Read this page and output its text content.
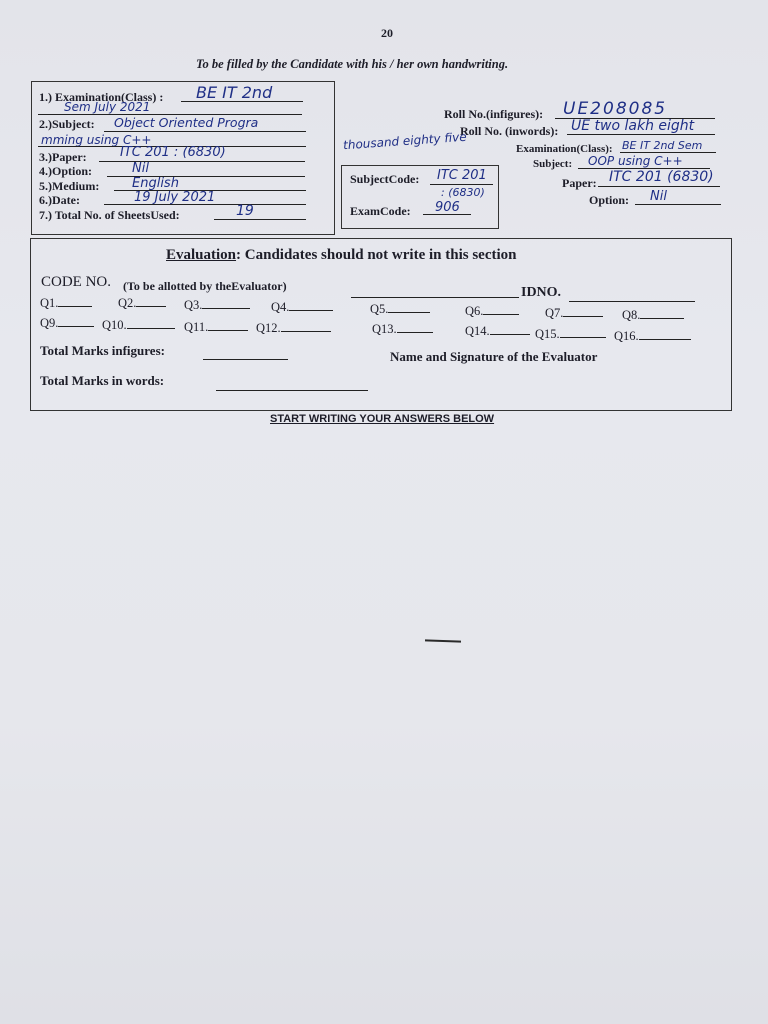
20
To be filled by the Candidate with his / her own handwriting.
1.) Examination(Class) : BE IT 2nd
Sem July 2021
2.)Subject: Object Oriented Progra
mming using C++
3.)Paper:	ITC 201 : (6830)
4.)Option:	Nil
5.)Medium:	English
6.)Date:	19 July 2021
7.) Total No. of SheetsUsed:	19
SubjectCode: ITC 201
: (6830)
ExamCode: 906
Roll No.(infigures): UE208085
Roll No. (inwords): UE two lakh eight
thousand eighty five	Examination(Class): BE IT 2nd Sem
Subject: OOP using C++
Paper: ITC 201 (6830)
Option: Nil
Evaluation: Candidates should not write in this section
CODE NO. (To be allotted by theEvaluator)	IDNO.
Q1.	Q2.	Q3.	Q4.	Q5.	Q6.	Q7.	Q8.
Q9.	Q10.	Q11.	Q12.	Q13.	Q14.	Q15.	Q16.
Total Marks infigures:	Name and Signature of the Evaluator
Total Marks in words:
START WRITING YOUR ANSWERS BELOW
